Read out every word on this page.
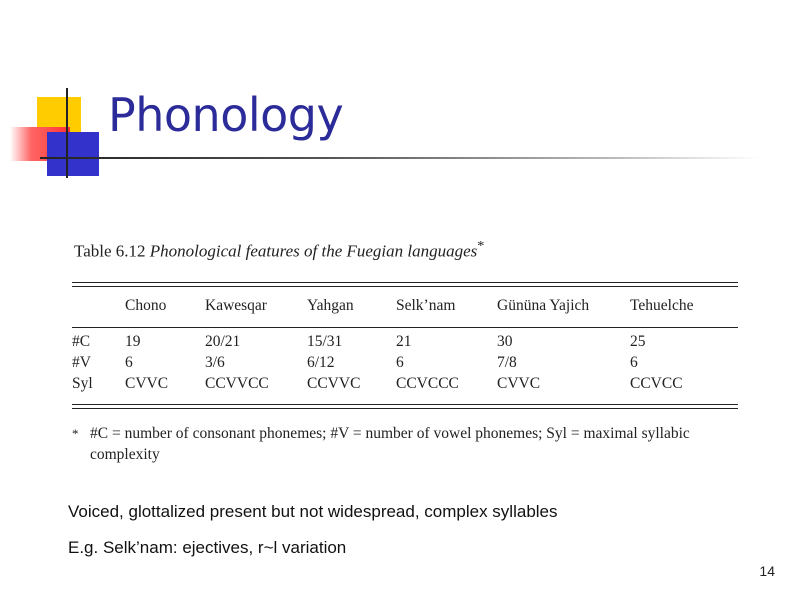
Phonology
Table 6.12 Phonological features of the Fuegian languages*
	Chono	Kawesqar	Yahgan	Selk’nam	Gününa Yajich	Tehuelche

#C	19	20/21	15/31	21	30	25
#V	6	3/6	6/12	6	7/8	6
Syl	CVVC	CCVVCC	CCVVC	CCVCCC	CVVC	CCVCC
* #C = number of consonant phonemes; #V = number of vowel phonemes; Syl = maximal syllabic complexity
Voiced, glottalized present but not widespread, complex syllables
E.g. Selk’nam: ejectives, r~l variation
14
